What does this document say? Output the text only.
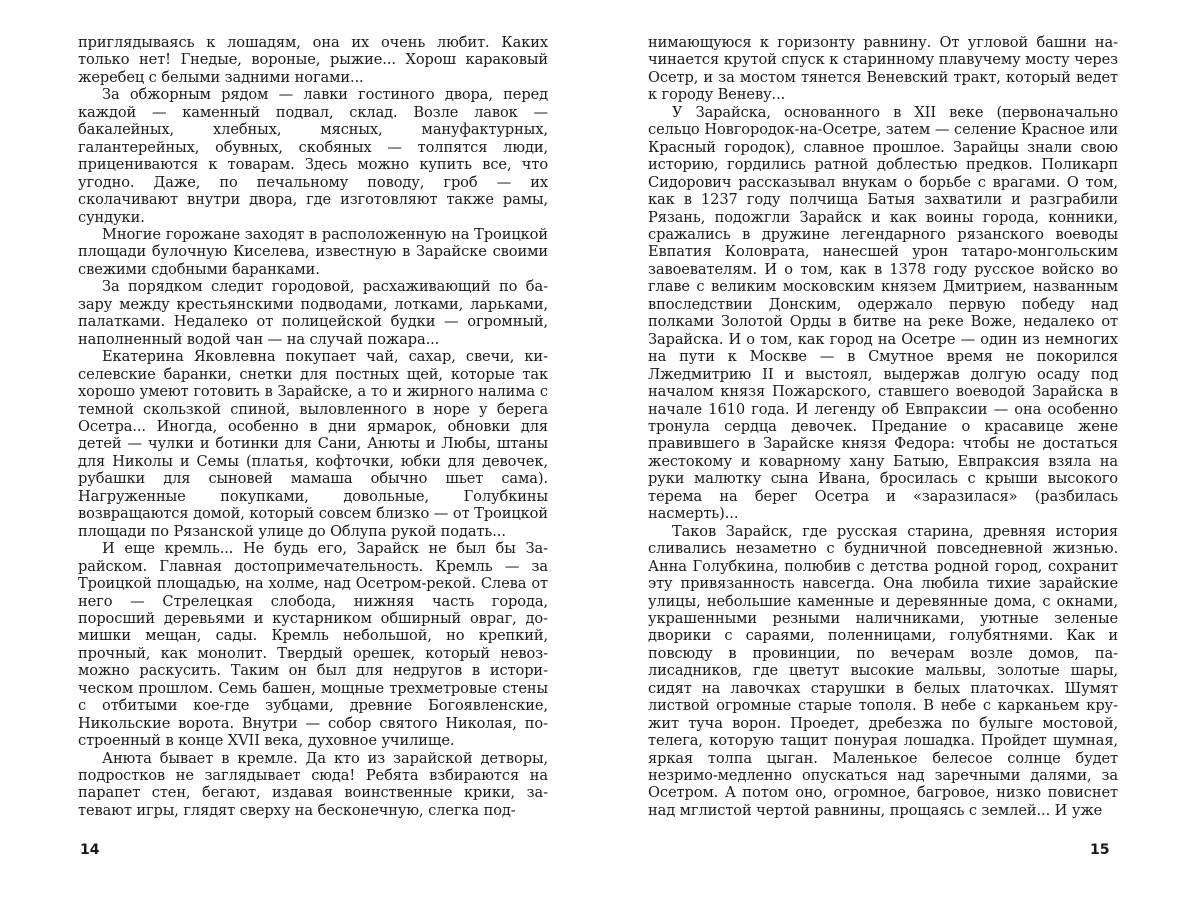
приглядываясь к лошадям, она их очень любит. Каких только нет! Гнедые, вороные, рыжие... Хорош караковый жеребец с белыми задними ногами...

За обжорным рядом — лавки гостиного двора, перед каждой — каменный подвал, склад. Возле лавок — бакалейных, хлебных, мясных, мануфактурных, галантерейных, обувных, скобяных — толпятся люди, прицениваются к товарам. Здесь можно купить все, что угодно. Даже, по печальному поводу, гроб — их сколачивают внутри двора, где изготовляют также рамы, сундуки.

Многие горожане заходят в расположенную на Троицкой площади булочную Киселева, известную в Зарайске своими свежими сдобными баранками.

За порядком следит городовой, расхаживающий по базару между крестьянскими подводами, лотками, ларьками, палатками. Недалеко от полицейской будки — огромный, наполненный водой чан — на случай пожара...

Екатерина Яковлевна покупает чай, сахар, свечи, киселевские баранки, снетки для постных щей, которые так хорошо умеют готовить в Зарайске, а то и жирного налима с темной скользкой спиной, выловленного в норе у берега Осетра... Иногда, особенно в дни ярмарок, обновки для детей — чулки и ботинки для Сани, Анюты и Любы, штаны для Николы и Семы (платья, кофточки, юбки для девочек, рубашки для сыновей мамаша обычно шьет сама). Нагруженные покупками, довольные, Голубкины возвращаются домой, который совсем близко — от Троицкой площади по Рязанской улице до Облупа рукой подать...

И еще кремль... Не будь его, Зарайск не был бы Зарайском. Главная достопримечательность. Кремль — за Троицкой площадью, на холме, над Осетром-рекой. Слева от него — Стрелецкая слобода, нижняя часть города, поросший деревьями и кустарником обширный овраг, домишки мещан, сады. Кремль небольшой, но крепкий, прочный, как монолит. Твердый орешек, который невозможно раскусить. Таким он был для недругов в историческом прошлом. Семь башен, мощные трехметровые стены с отбитыми кое-где зубцами, древние Богоявленские, Никольские ворота. Внутри — собор святого Николая, построенный в конце XVII века, духовное училище.

Анюта бывает в кремле. Да кто из зарайской детворы, подростков не заглядывает сюда! Ребята взбираются на парапет стен, бегают, издавая воинственные крики, затевают игры, глядят сверху на бесконечную, слегка под-

14

нимающуюся к горизонту равнину. От угловой башни начинается крутой спуск к старинному плавучему мосту через Осетр, и за мостом тянется Веневский тракт, который ведет к городу Веневу...

У Зарайска, основанного в XII веке (первоначально сельцо Новгородок-на-Осетре, затем — селение Красное или Красный городок), славное прошлое. Зарайцы знали свою историю, гордились ратной доблестью предков. Поликарп Сидорович рассказывал внукам о борьбе с врагами. О том, как в 1237 году полчища Батыя захватили и разграбили Рязань, подожгли Зарайск и как воины города, конники, сражались в дружине легендарного рязанского воеводы Евпатия Коловрата, нанесшей урон татаро-монгольским завоевателям. И о том, как в 1378 году русское войско во главе с великим московским князем Дмитрием, названным впоследствии Донским, одержало первую победу над полками Золотой Орды в битве на реке Воже, недалеко от Зарайска. И о том, как город на Осетре — один из немногих на пути к Москве — в Смутное время не покорился Лжедмитрию II и выстоял, выдержав долгую осаду под началом князя Пожарского, ставшего воеводой Зарайска в начале 1610 года. И легенду об Евпраксии — она особенно тронула сердца девочек. Предание о красавице жене правившего в Зарайске князя Федора: чтобы не достаться жестокому и коварному хану Батыю, Евпраксия взяла на руки малютку сына Ивана, бросилась с крыши высокого терема на берег Осетра и «заразилася» (разбилась насмерть)...

Таков Зарайск, где русская старина, древняя история сливались незаметно с будничной повседневной жизнью. Анна Голубкина, полюбив с детства родной город, сохранит эту привязанность навсегда. Она любила тихие зарайские улицы, небольшие каменные и деревянные дома, с окнами, украшенными резными наличниками, уютные зеленые дворики с сараями, поленницами, голубятнями. Как и повсюду в провинции, по вечерам возле домов, палисадников, где цветут высокие мальвы, золотые шары, сидят на лавочках старушки в белых платочках. Шумят листвой огромные старые тополя. В небе с карканьем кружит туча ворон. Проедет, дребезжа по булыге мостовой, телега, которую тащит понурая лошадка. Пройдет шумная, яркая толпа цыган. Маленькое белесое солнце будет незримо-медленно опускаться над заречными далями, за Осетром. А потом оно, огромное, багровое, низко повиснет над мглистой чертой равнины, прощаясь с землей... И уже

15
